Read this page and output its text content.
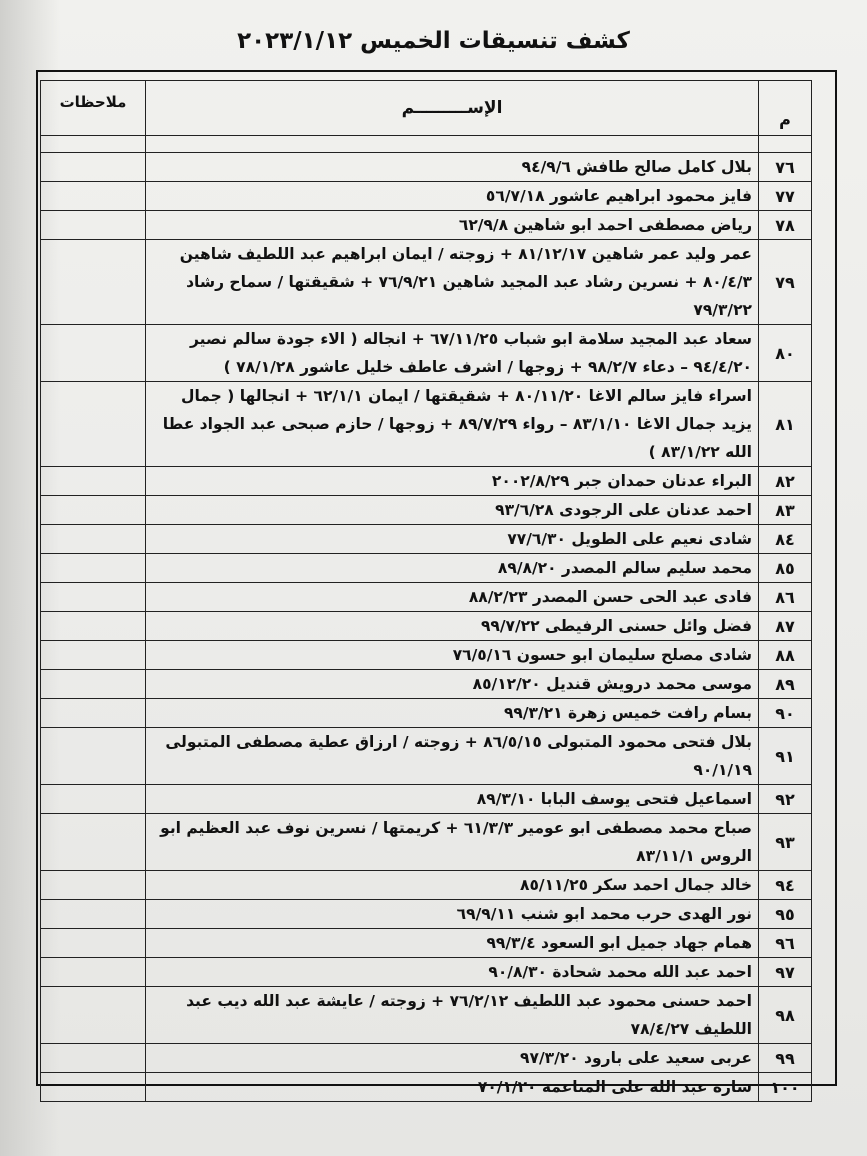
كشف تنسيقات الخميس ٢٠٢٣/١/١٢
م	الإســـــــــم	ملاحظات

٧٦	بلال كامل صالح طافش ٩٤/٩/٦	
٧٧	فايز محمود ابراهيم عاشور ٥٦/٧/١٨	
٧٨	رياض مصطفى احمد ابو شاهين ٦٢/٩/٨	
٧٩	عمر وليد عمر شاهين ٨١/١٢/١٧ + زوجته / ايمان ابراهيم عبد اللطيف شاهين ٨٠/٤/٣ + نسرين رشاد عبد المجيد شاهين ٧٦/٩/٢١ + شقيقتها / سماح رشاد ٧٩/٣/٢٢	
٨٠	سعاد عبد المجيد سلامة ابو شباب ٦٧/١١/٢٥ + انجاله ( الاء جودة سالم نصير ٩٤/٤/٢٠ – دعاء ٩٨/٢/٧ + زوجها / اشرف عاطف خليل عاشور ٧٨/١/٢٨ )	
٨١	اسراء فايز سالم الاغا ٨٠/١١/٢٠ + شقيقتها / ايمان ٦٢/١/١ + انجالها ( جمال يزيد جمال الاغا ٨٣/١/١٠ – رواء ٨٩/٧/٢٩ + زوجها / حازم صبحى عبد الجواد عطا الله ٨٣/١/٢٢ )	
٨٢	البراء عدنان حمدان جبر ٢٠٠٢/٨/٢٩	
٨٣	احمد عدنان على الرجودى ٩٣/٦/٢٨	
٨٤	شادى نعيم على الطويل ٧٧/٦/٣٠	
٨٥	محمد سليم سالم المصدر ٨٩/٨/٢٠	
٨٦	فادى عبد الحى حسن المصدر ٨٨/٢/٢٣	
٨٧	فضل وائل حسنى الرفيطى ٩٩/٧/٢٢	
٨٨	شادى مصلح سليمان ابو حسون ٧٦/٥/١٦	
٨٩	موسى محمد درويش قنديل ٨٥/١٢/٢٠	
٩٠	بسام رافت خميس زهرة ٩٩/٣/٢١	
٩١	بلال فتحى محمود المتبولى ٨٦/٥/١٥ + زوجته / ارزاق عطية مصطفى المتبولى ٩٠/١/١٩	
٩٢	اسماعيل فتحى يوسف البابا ٨٩/٣/١٠	
٩٣	صباح محمد مصطفى ابو عومير ٦١/٣/٣ + كريمتها / نسرين نوف عبد العظيم ابو الروس ٨٣/١١/١	
٩٤	خالد جمال احمد سكر ٨٥/١١/٢٥	
٩٥	نور الهدى حرب محمد ابو شنب ٦٩/٩/١١	
٩٦	همام جهاد جميل ابو السعود ٩٩/٣/٤	
٩٧	احمد عبد الله محمد شحادة ٩٠/٨/٣٠	
٩٨	احمد حسنى محمود عبد اللطيف ٧٦/٢/١٢ + زوجته / عايشة عبد الله ديب عبد اللطيف ٧٨/٤/٢٧	
٩٩	عربى سعيد على بارود ٩٧/٣/٢٠	
١٠٠	سارة عبد الله على المناعمة ٧٠/١/٢٠	
